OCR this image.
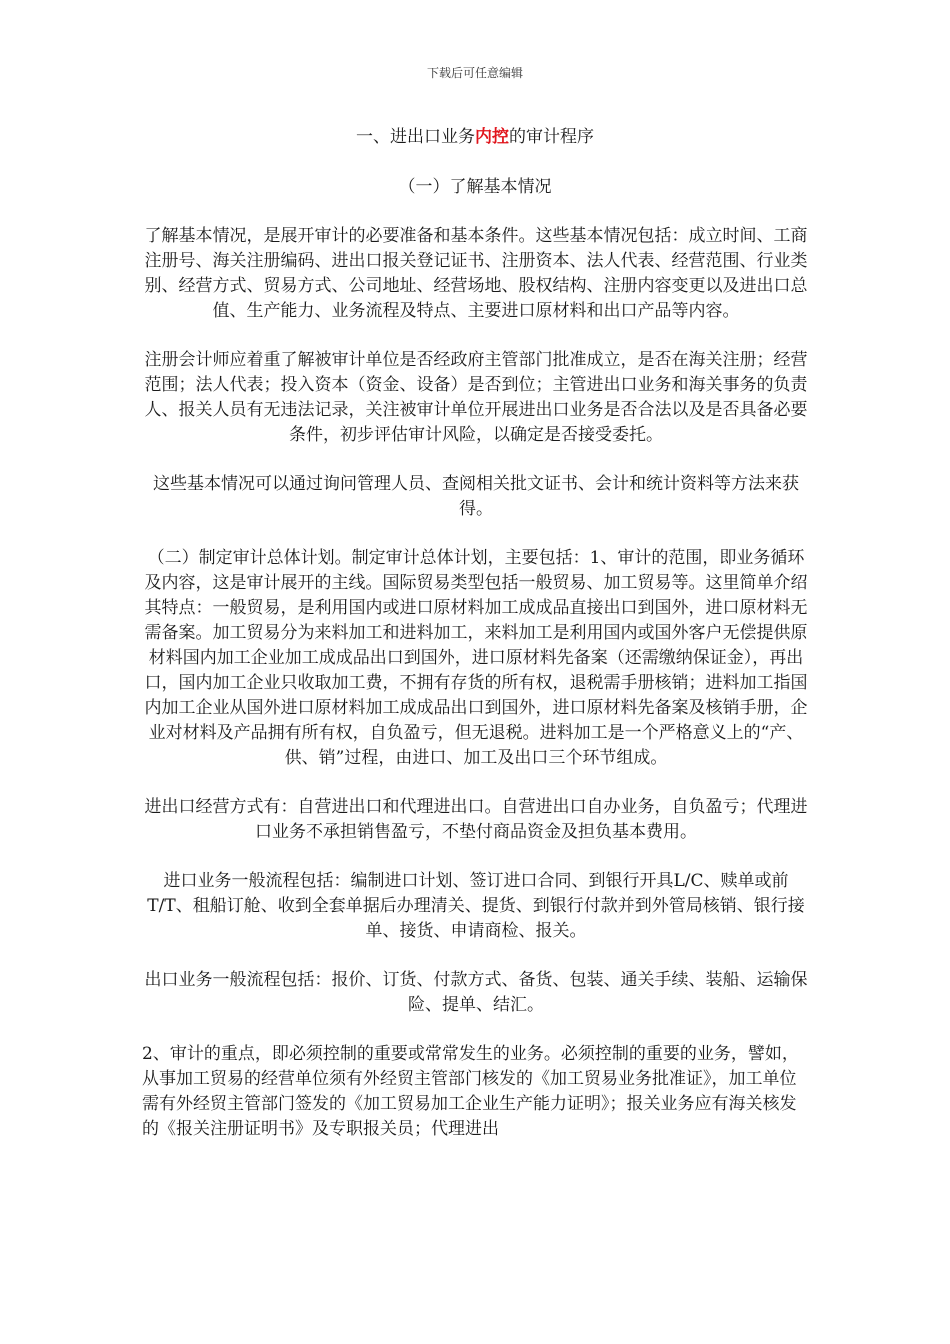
下载后可任意编辑
一、进出口业务内控的审计程序
（一）了解基本情况

了解基本情况，是展开审计的必要准备和基本条件。这些基本情况包括：成立时间、工商注册号、海关注册编码、进出口报关登记证书、注册资本、法人代表、经营范围、行业类别、经营方式、贸易方式、公司地址、经营场地、股权结构、注册内容变更以及进出口总值、生产能力、业务流程及特点、主要进口原材料和出口产品等内容。

注册会计师应着重了解被审计单位是否经政府主管部门批准成立，是否在海关注册；经营范围；法人代表；投入资本（资金、设备）是否到位；主管进出口业务和海关事务的负责人、报关人员有无违法记录，关注被审计单位开展进出口业务是否合法以及是否具备必要条件，初步评估审计风险，以确定是否接受委托。

这些基本情况可以通过询问管理人员、查阅相关批文证书、会计和统计资料等方法来获得。

（二）制定审计总体计划。制定审计总体计划，主要包括：1、审计的范围，即业务循环及内容，这是审计展开的主线。国际贸易类型包括一般贸易、加工贸易等。这里简单介绍其特点：一般贸易，是利用国内或进口原材料加工成成品直接出口到国外，进口原材料无需备案。加工贸易分为来料加工和进料加工，来料加工是利用国内或国外客户无偿提供原材料国内加工企业加工成成品出口到国外，进口原材料先备案（还需缴纳保证金），再出口，国内加工企业只收取加工费，不拥有存货的所有权，退税需手册核销；进料加工指国内加工企业从国外进口原材料加工成成品出口到国外，进口原材料先备案及核销手册，企业对材料及产品拥有所有权，自负盈亏，但无退税。进料加工是一个严格意义上的“产、供、销”过程，由进口、加工及出口三个环节组成。

进出口经营方式有：自营进出口和代理进出口。自营进出口自办业务，自负盈亏；代理进口业务不承担销售盈亏，不垫付商品资金及担负基本费用。

进口业务一般流程包括：编制进口计划、签订进口合同、到银行开具L/C、赎单或前T/T、租船订舱、收到全套单据后办理清关、提货、到银行付款并到外管局核销、银行接单、接货、申请商检、报关。

出口业务一般流程包括：报价、订货、付款方式、备货、包装、通关手续、装船、运输保险、提单、结汇。

2、审计的重点，即必须控制的重要或常常发生的业务。必须控制的重要的业务，譬如，从事加工贸易的经营单位须有外经贸主管部门核发的《加工贸易业务批准证》，加工单位需有外经贸主管部门签发的《加工贸易加工企业生产能力证明》；报关业务应有海关核发的《报关注册证明书》及专职报关员；代理进出
